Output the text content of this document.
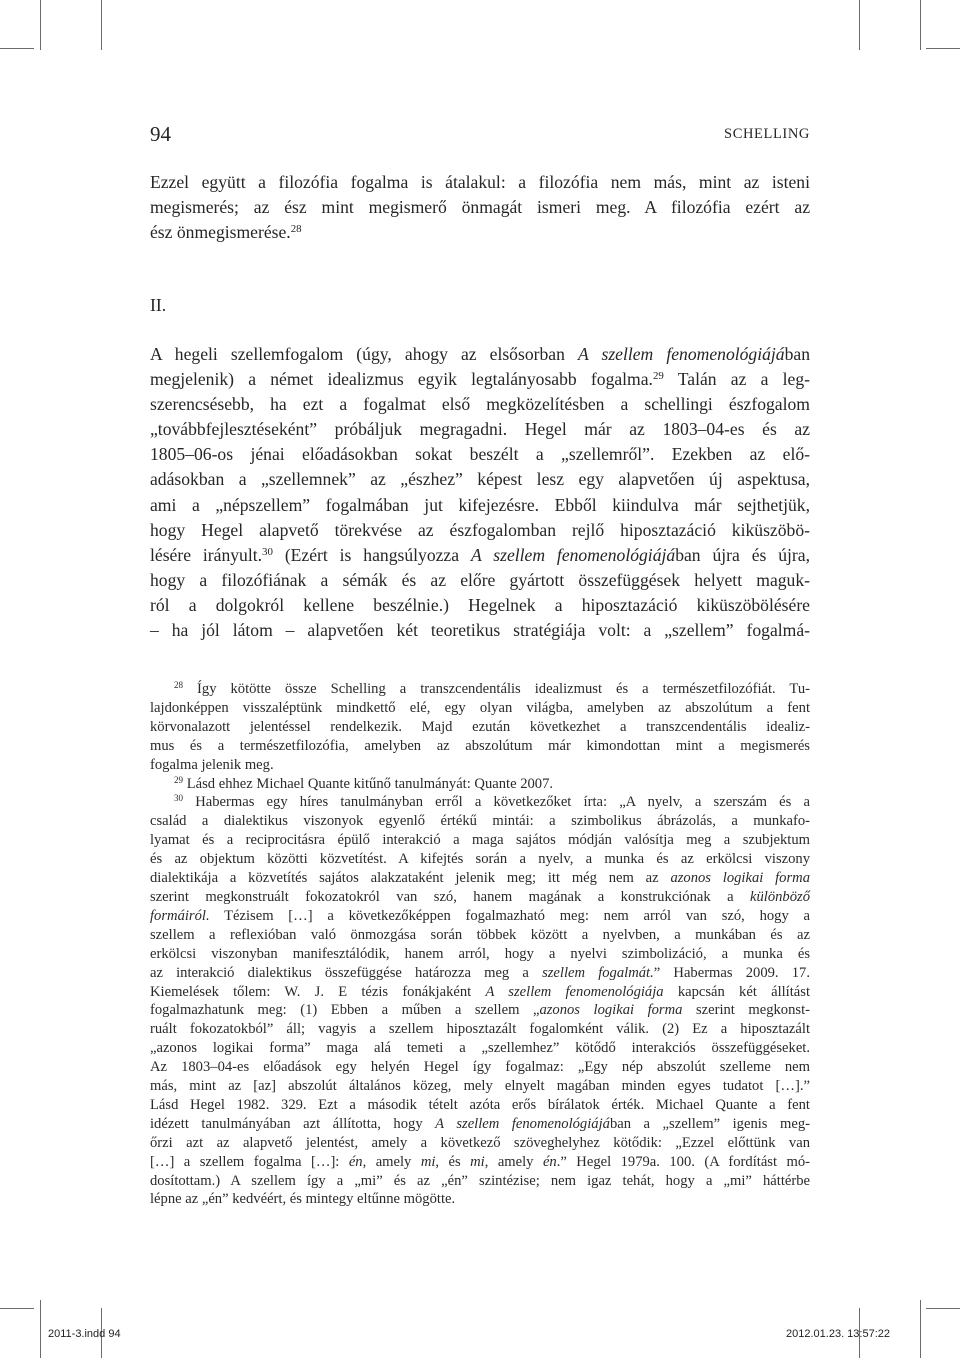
94	SCHELLING
Ezzel együtt a filozófia fogalma is átalakul: a filozófia nem más, mint az isteni
megismerés; az ész mint megismerő önmagát ismeri meg. A filozófia ezért az
ész önmegismerése.$^{28}$
II.
A hegeli szellemfogalom (úgy, ahogy az elsősorban A szellem fenomenológiájában
megjelenik) a német idealizmus egyik legtalányosabb fogalma.$^{29}$ Talán az a leg-
szerencsésebb, ha ezt a fogalmat első megközelítésben a schellingi észfogalom
„továbbfejlesztéseként” próbáljuk megragadni. Hegel már az 1803–04-es és az
1805–06-os jénai előadásokban sokat beszélt a „szellemről”. Ezekben az elő-
adásokban a „szellemnek” az „észhez” képest lesz egy alapvetően új aspektusa,
ami a „népszellem” fogalmában jut kifejezésre. Ebből kiindulva már sejthetjük,
hogy Hegel alapvető törekvése az észfogalomban rejlő hiposztazáció kiküszöbö-
lésére irányult.$^{30}$ (Ezért is hangsúlyozza A szellem fenomenológiájában újra és újra,
hogy a filozófiának a sémák és az előre gyártott összefüggések helyett maguk-
ról a dolgokról kellene beszélnie.) Hegelnek a hiposztazáció kiküszöbölésére
– ha jól látom – alapvetően két teoretikus stratégiája volt: a „szellem” fogalmá-
$^{28}$ Így kötötte össze Schelling a transzcendentális idealizmust és a természetfilozófiát. Tu-
lajdonképpen visszaléptünk mindkettő elé, egy olyan világba, amelyben az abszolútum a fent
körvonalazott jelentéssel rendelkezik. Majd ezután következhet a transzcendentális idealiz-
mus és a természetfilozófia, amelyben az abszolútum már kimondottan mint a megismerés
fogalma jelenik meg.
$^{29}$ Lásd ehhez Michael Quante kitűnő tanulmányát: Quante 2007.
$^{30}$ Habermas egy híres tanulmányban erről a következőket írta: „A nyelv, a szerszám és a
család a dialektikus viszonyok egyenlő értékű mintái: a szimbolikus ábrázolás, a munkafo-
lyamat és a reciprocitásra épülő interakció a maga sajátos módján valósítja meg a szubjektum
és az objektum közötti közvetítést. A kifejtés során a nyelv, a munka és az erkölcsi viszony
dialektikája a közvetítés sajátos alakzataként jelenik meg; itt még nem az azonos logikai forma
szerint megkonstruált fokozatokról van szó, hanem magának a konstrukciónak a különböző
formáiról. Tézisem […] a következőképpen fogalmazható meg: nem arról van szó, hogy a
szellem a reflexióban való önmozgása során többek között a nyelvben, a munkában és az
erkölcsi viszonyban manifesztálódik, hanem arról, hogy a nyelvi szimbolizáció, a munka és
az interakció dialektikus összefüggése határozza meg a szellem fogalmát.” Habermas 2009. 17.
Kiemelések tőlem: W. J. E tézis fonákjaként A szellem fenomenológiája kapcsán két állítást
fogalmazhatunk meg: (1) Ebben a műben a szellem „azonos logikai forma szerint megkonst-
ruált fokozatokból” áll; vagyis a szellem hiposztazált fogalomként válik. (2) Ez a hiposztazált
„azonos logikai forma” maga alá temeti a „szellemhez” kötődő interakciós összefüggéseket.
Az 1803–04-es előadások egy helyén Hegel így fogalmaz: „Egy nép abszolút szelleme nem
más, mint az [az] abszolút általános közeg, mely elnyelt magában minden egyes tudatot […].”
Lásd Hegel 1982. 329. Ezt a második tételt azóta erős bírálatok érték. Michael Quante a fent
idézett tanulmányában azt állította, hogy A szellem fenomenológiájában a „szellem” igenis meg-
őrzi azt az alapvető jelentést, amely a következő szöveghelyhez kötődik: „Ezzel előttünk van
[…] a szellem fogalma […]: én, amely mi, és mi, amely én.” Hegel 1979a. 100. (A fordítást mó-
dosítottam.) A szellem így a „mi” és az „én” szintézise; nem igaz tehát, hogy a „mi” háttérbe
lépne az „én” kedvéért, és mintegy eltűnne mögötte.
2011-3.indd 94	2012.01.23. 13:57:22
